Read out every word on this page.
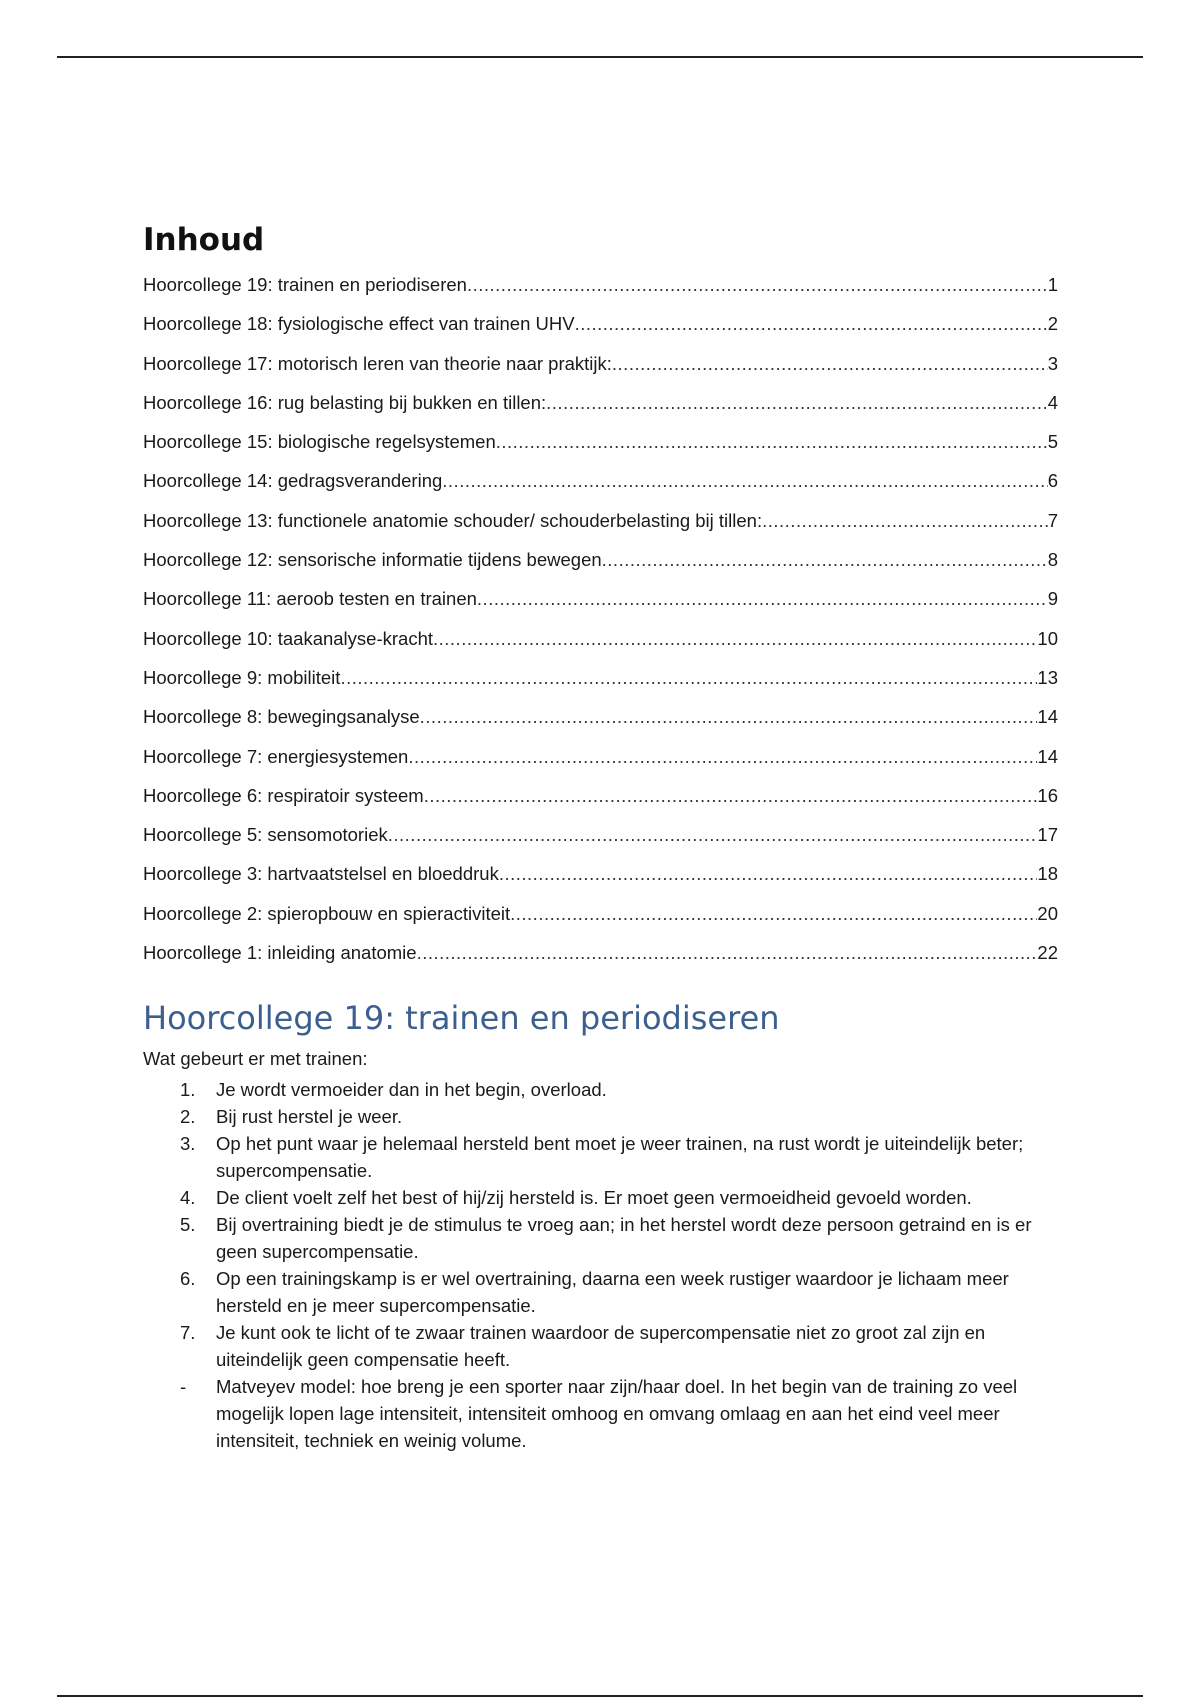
Inhoud
Hoorcollege 19: trainen en periodiseren .....	1
Hoorcollege 18: fysiologische effect van trainen UHV .....	2
Hoorcollege 17: motorisch leren van theorie naar praktijk: .....	3
Hoorcollege 16: rug belasting bij bukken en tillen: .....	4
Hoorcollege 15: biologische regelsystemen .....	5
Hoorcollege 14: gedragsverandering .....	6
Hoorcollege 13: functionele anatomie schouder/ schouderbelasting bij tillen: .....	7
Hoorcollege 12: sensorische informatie tijdens bewegen .....	8
Hoorcollege 11: aeroob testen en trainen .....	9
Hoorcollege 10: taakanalyse-kracht .....	10
Hoorcollege 9: mobiliteit .....	13
Hoorcollege 8: bewegingsanalyse .....	14
Hoorcollege 7: energiesystemen .....	14
Hoorcollege 6: respiratoir systeem .....	16
Hoorcollege 5: sensomotoriek .....	17
Hoorcollege 3: hartvaatstelsel en bloeddruk .....	18
Hoorcollege 2: spieropbouw en spieractiviteit .....	20
Hoorcollege 1: inleiding anatomie .....	22
Hoorcollege 19: trainen en periodiseren

Wat gebeurt er met trainen:

1. Je wordt vermoeider dan in het begin, overload.
2. Bij rust herstel je weer.
3. Op het punt waar je helemaal hersteld bent moet je weer trainen, na rust wordt je uiteindelijk beter; supercompensatie.
4. De client voelt zelf het best of hij/zij hersteld is. Er moet geen vermoeidheid gevoeld worden.
5. Bij overtraining biedt je de stimulus te vroeg aan; in het herstel wordt deze persoon getraind en is er geen supercompensatie.
6. Op een trainingskamp is er wel overtraining, daarna een week rustiger waardoor je lichaam meer hersteld en je meer supercompensatie.
7. Je kunt ook te licht of te zwaar trainen waardoor de supercompensatie niet zo groot zal zijn en uiteindelijk geen compensatie heeft.
- Matveyev model: hoe breng je een sporter naar zijn/haar doel. In het begin van de training zo veel mogelijk lopen lage intensiteit, intensiteit omhoog en omvang omlaag en aan het eind veel meer intensiteit, techniek en weinig volume.
